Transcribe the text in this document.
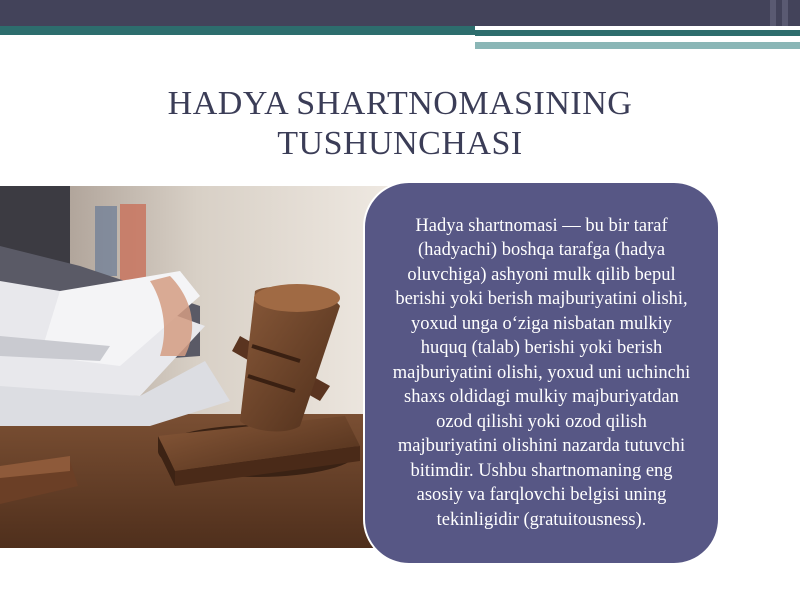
HADYA SHARTNOMASINING
TUSHUNCHASI

Hadya shartnomasi — bu bir taraf (hadyachi) boshqa tarafga (hadya oluvchiga) ashyoni mulk qilib bepul berishi yoki berish majburiyatini olishi, yoxud unga o‘ziga nisbatan mulkiy huquq (talab) berishi yoki berish majburiyatini olishi, yoxud uni uchinchi shaxs oldidagi mulkiy majburiyatdan ozod qilishi yoki ozod qilish majburiyatini olishini nazarda tutuvchi bitimdir. Ushbu shartnomaning eng asosiy va farqlovchi belgisi uning tekinligidir (gratuitousness).
